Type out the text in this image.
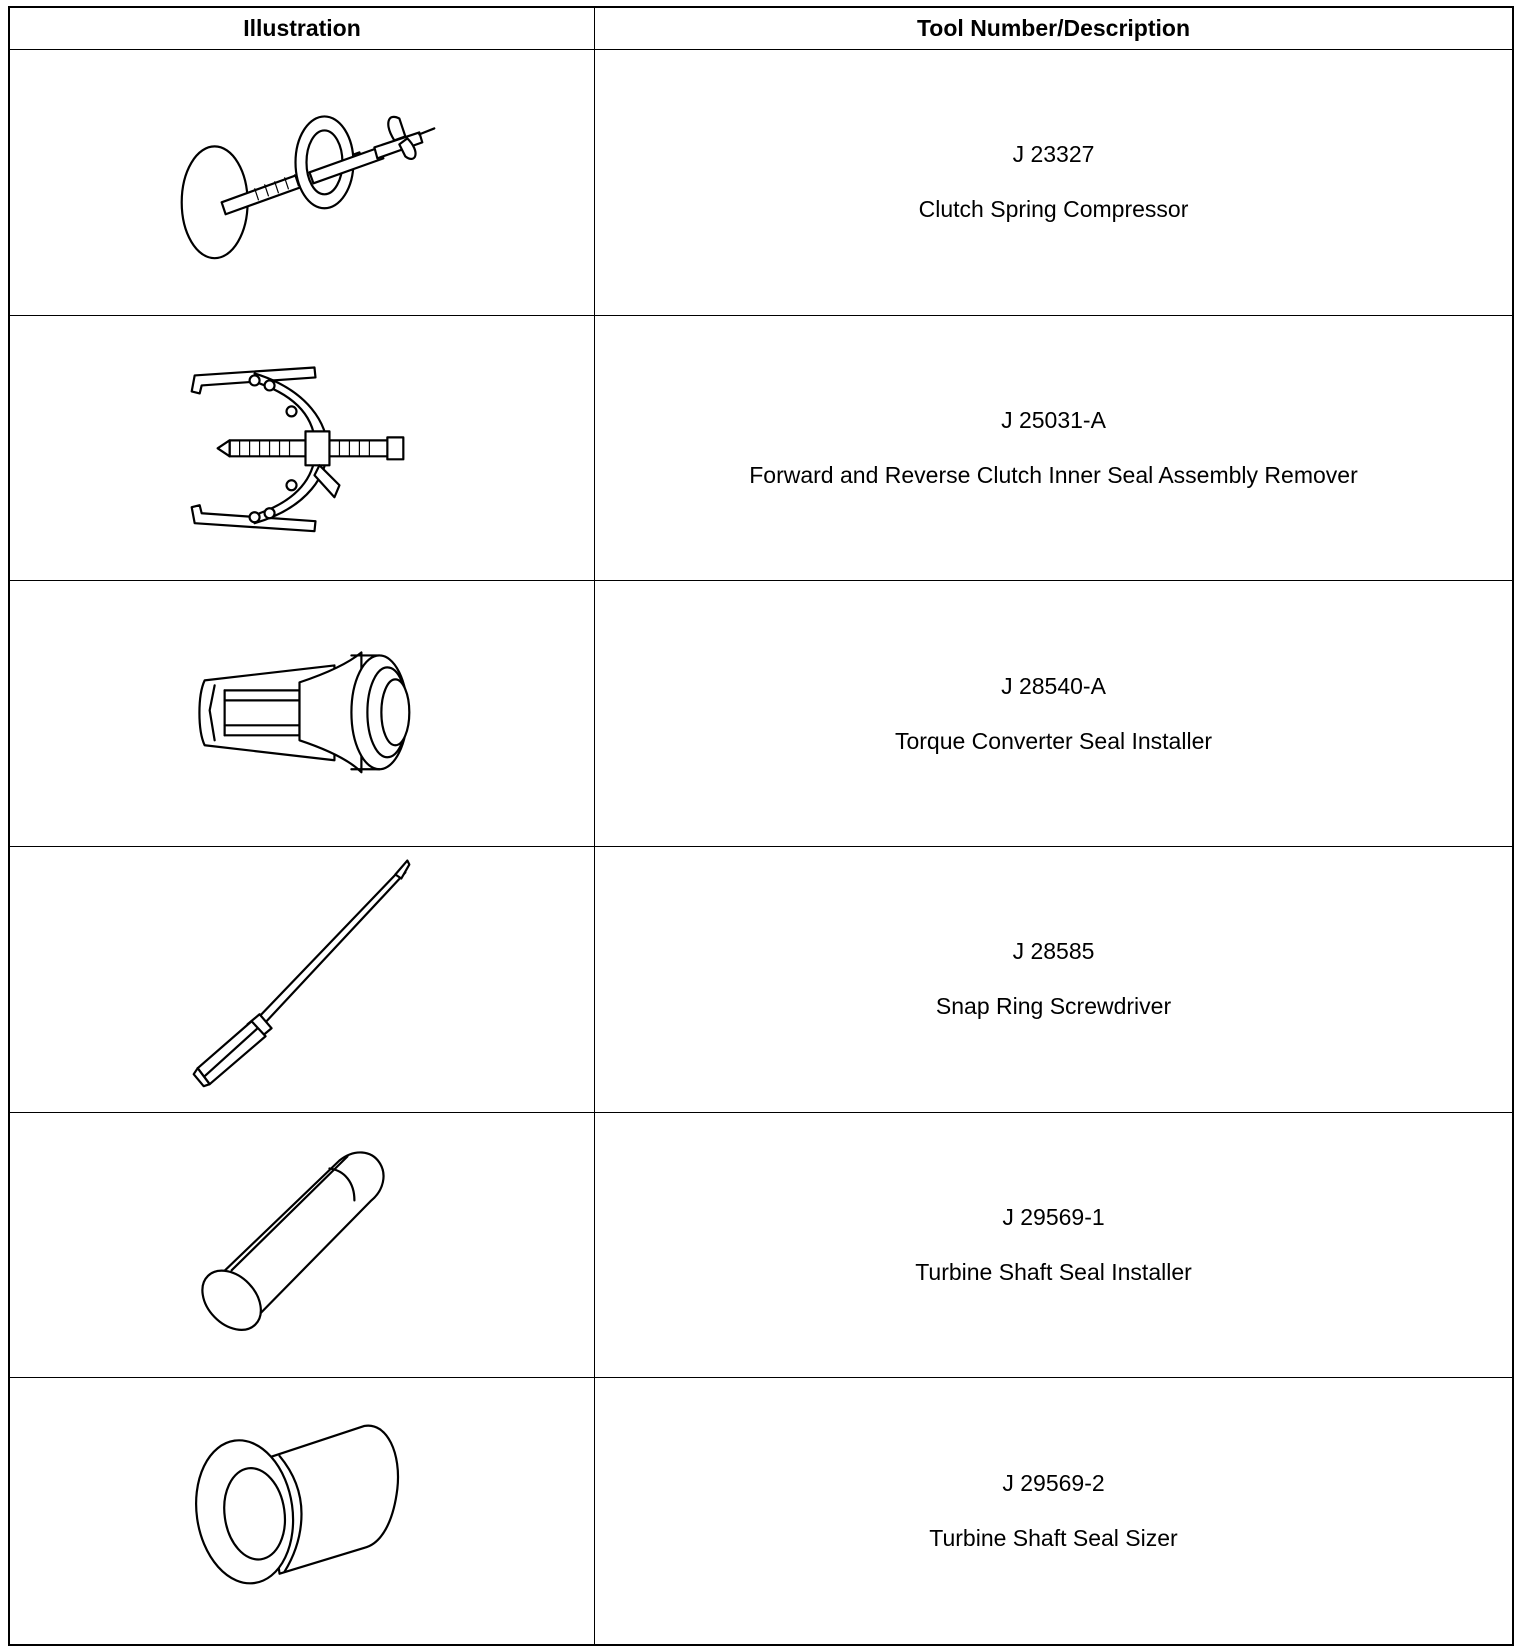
Illustration	Tool Number/Description
J 23327
Clutch Spring Compressor
J 25031-A
Forward and Reverse Clutch Inner Seal Assembly Remover
J 28540-A
Torque Converter Seal Installer
J 28585
Snap Ring Screwdriver
J 29569-1
Turbine Shaft Seal Installer
J 29569-2
Turbine Shaft Seal Sizer
